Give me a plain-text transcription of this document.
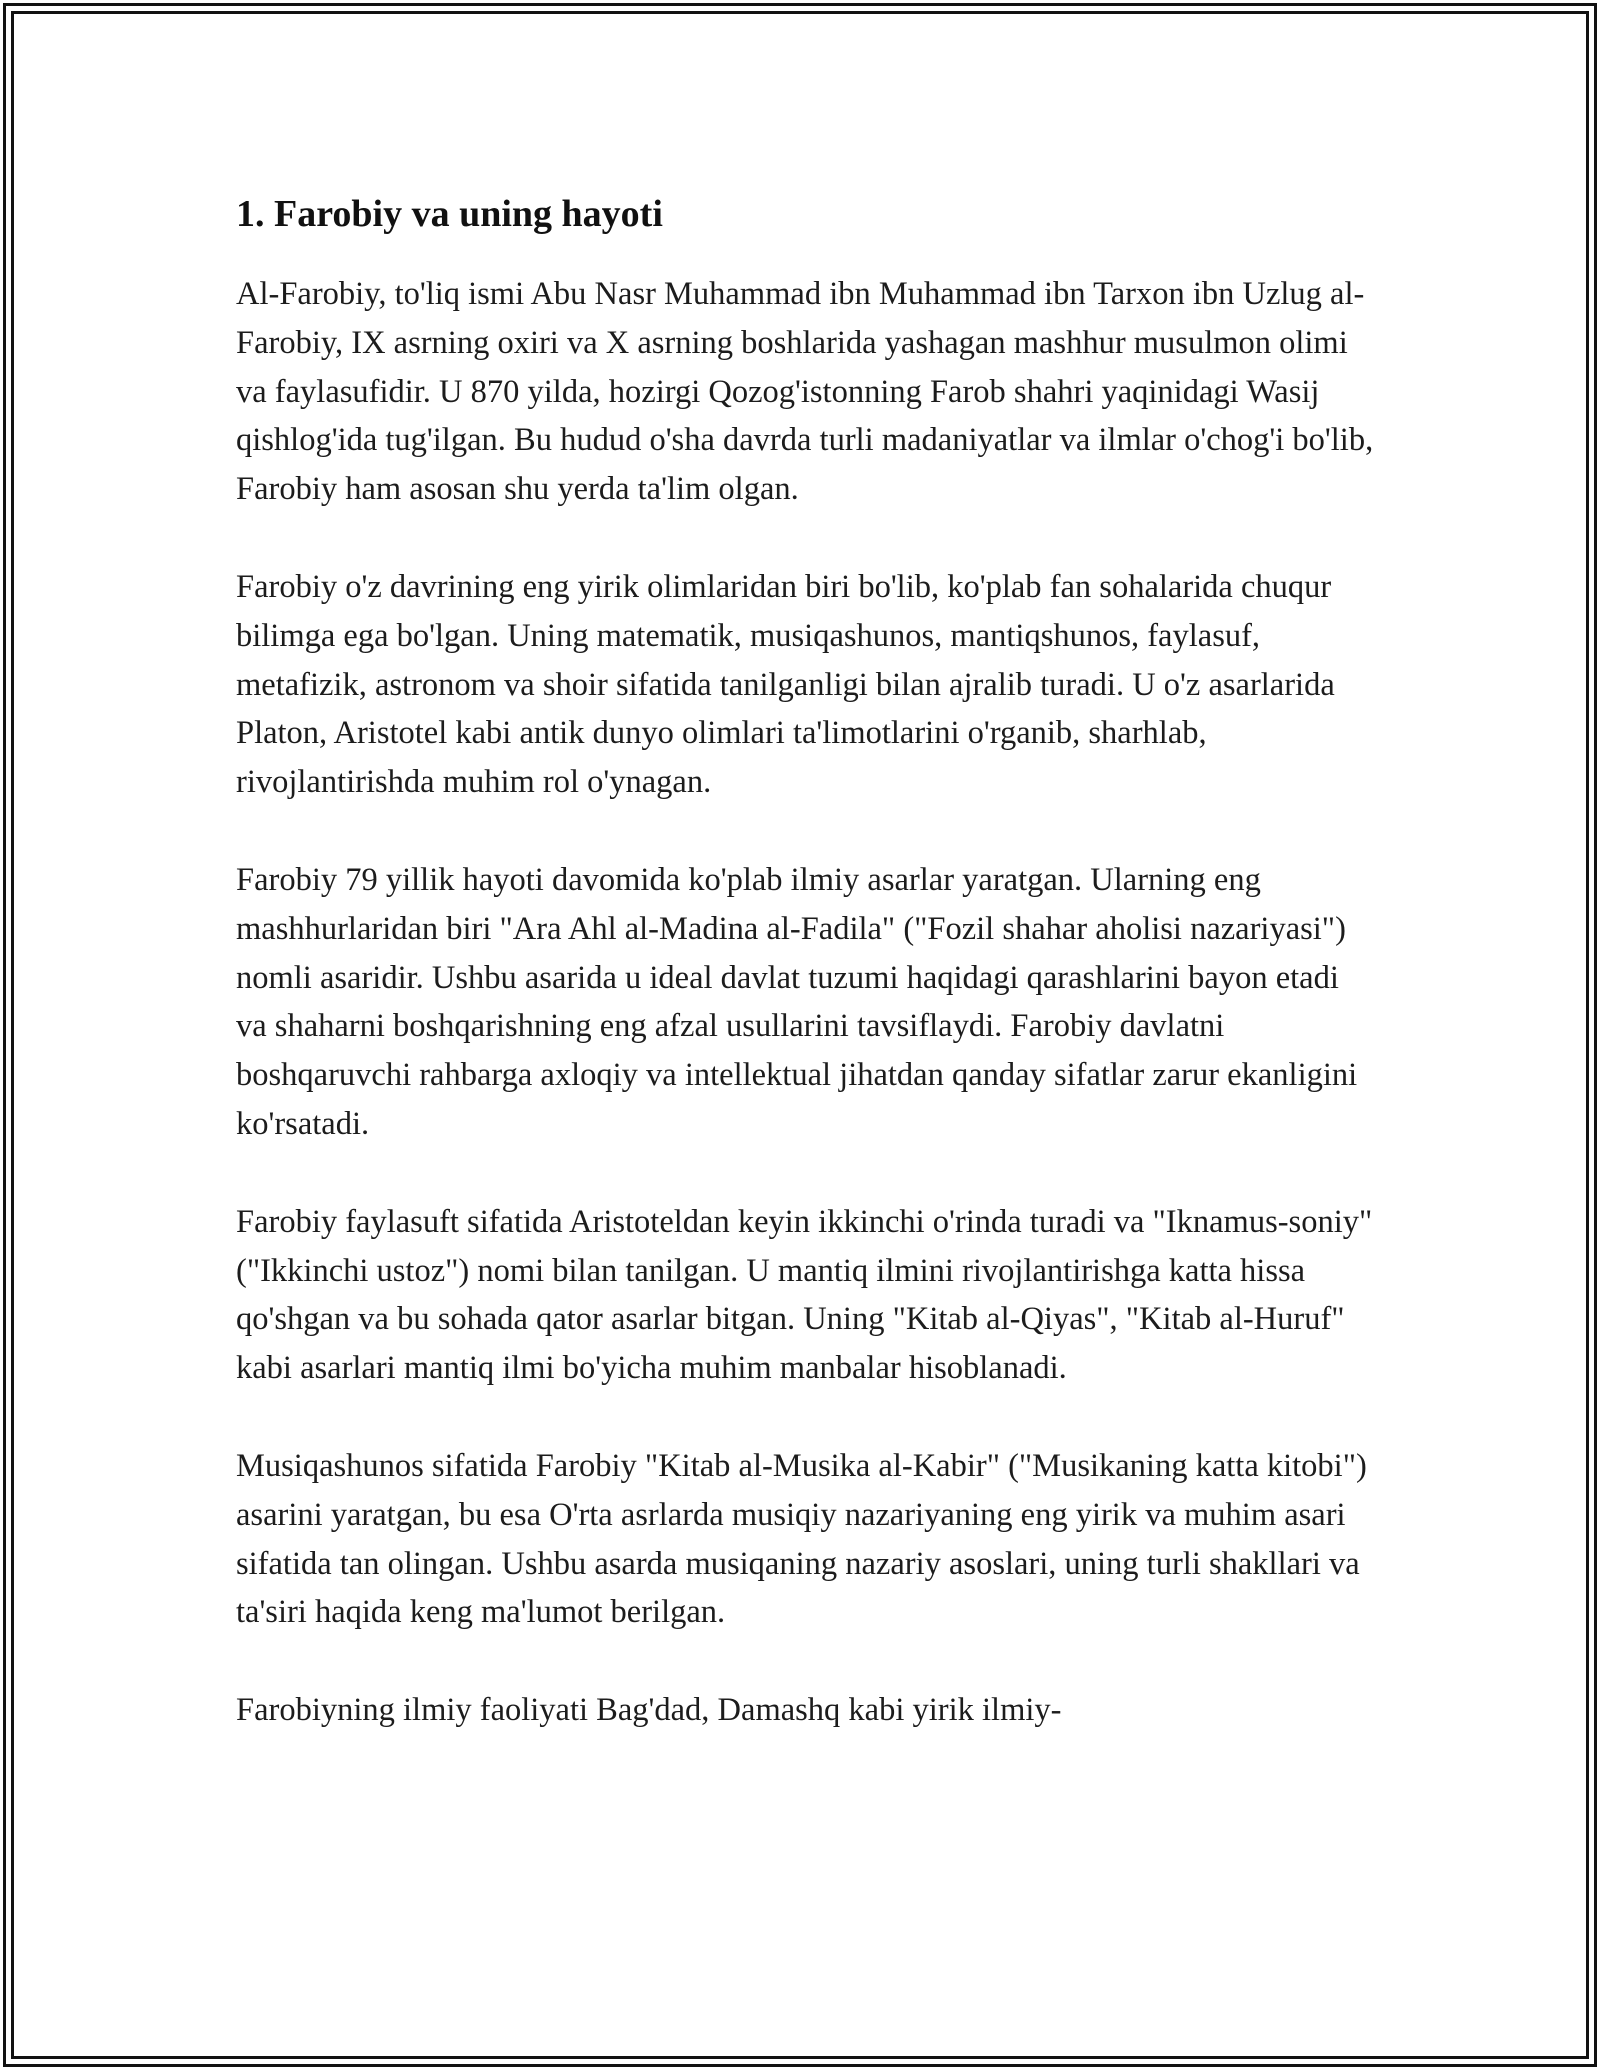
1. Farobiy va uning hayoti

Al-Farobiy, to'liq ismi Abu Nasr Muhammad ibn Muhammad ibn Tarxon ibn Uzlug al-Farobiy, IX asrning oxiri va X asrning boshlarida yashagan mashhur musulmon olimi va faylasufidir. U 870 yilda, hozirgi Qozog'istonning Farob shahri yaqinidagi Wasij qishlog'ida tug'ilgan. Bu hudud o'sha davrda turli madaniyatlar va ilmlar o'chog'i bo'lib, Farobiy ham asosan shu yerda ta'lim olgan.

Farobiy o'z davrining eng yirik olimlaridan biri bo'lib, ko'plab fan sohalarida chuqur bilimga ega bo'lgan. Uning matematik, musiqashunos, mantiqshunos, faylasuf, metafizik, astronom va shoir sifatida tanilganligi bilan ajralib turadi. U o'z asarlarida Platon, Aristotel kabi antik dunyo olimlari ta'limotlarini o'rganib, sharhlab, rivojlantirishda muhim rol o'ynagan.

Farobiy 79 yillik hayoti davomida ko'plab ilmiy asarlar yaratgan. Ularning eng mashhurlaridan biri "Ara Ahl al-Madina al-Fadila" ("Fozil shahar aholisi nazariyasi") nomli asaridir. Ushbu asarida u ideal davlat tuzumi haqidagi qarashlarini bayon etadi va shaharni boshqarishning eng afzal usullarini tavsiflaydi. Farobiy davlatni boshqaruvchi rahbarga axloqiy va intellektual jihatdan qanday sifatlar zarur ekanligini ko'rsatadi.

Farobiy faylasuft sifatida Aristoteldan keyin ikkinchi o'rinda turadi va "Iknamus-soniy" ("Ikkinchi ustoz") nomi bilan tanilgan. U mantiq ilmini rivojlantirishga katta hissa qo'shgan va bu sohada qator asarlar bitgan. Uning "Kitab al-Qiyas", "Kitab al-Huruf" kabi asarlari mantiq ilmi bo'yicha muhim manbalar hisoblanadi.

Musiqashunos sifatida Farobiy "Kitab al-Musika al-Kabir" ("Musikaning katta kitobi") asarini yaratgan, bu esa O'rta asrlarda musiqiy nazariyaning eng yirik va muhim asari sifatida tan olingan. Ushbu asarda musiqaning nazariy asoslari, uning turli shakllari va ta'siri haqida keng ma'lumot berilgan.

Farobiyning ilmiy faoliyati Bag'dad, Damashq kabi yirik ilmiy-
